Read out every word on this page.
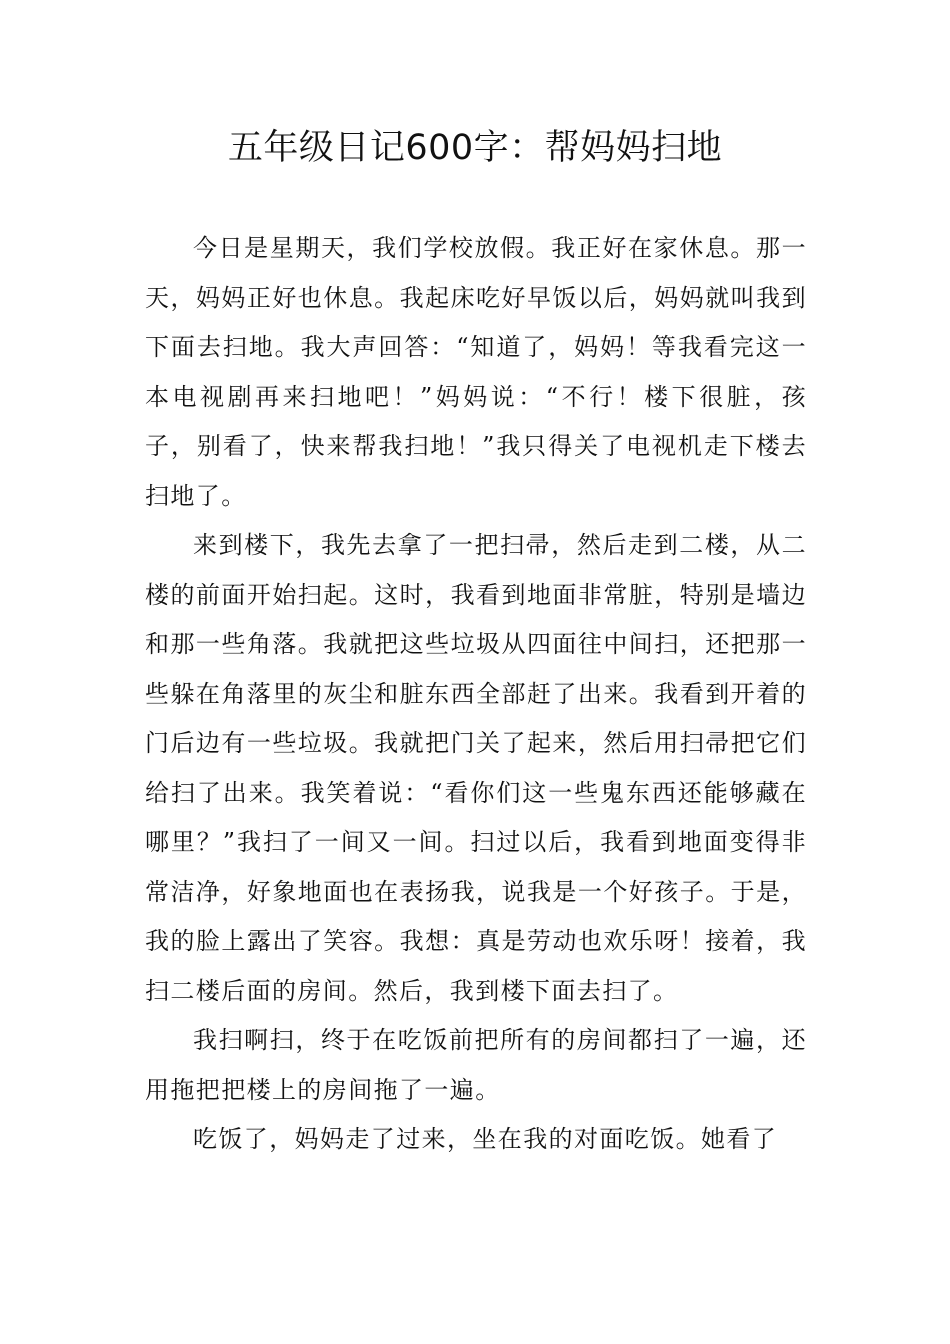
五年级日记600字：帮妈妈扫地

今日是星期天，我们学校放假。我正好在家休息。那一天，妈妈正好也休息。我起床吃好早饭以后，妈妈就叫我到下面去扫地。我大声回答：“知道了，妈妈！等我看完这一本电视剧再来扫地吧！”妈妈说：“不行！楼下很脏，孩子，别看了，快来帮我扫地！”我只得关了电视机走下楼去扫地了。

来到楼下，我先去拿了一把扫帚，然后走到二楼，从二楼的前面开始扫起。这时，我看到地面非常脏，特别是墙边和那一些角落。我就把这些垃圾从四面往中间扫，还把那一些躲在角落里的灰尘和脏东西全部赶了出来。我看到开着的门后边有一些垃圾。我就把门关了起来，然后用扫帚把它们给扫了出来。我笑着说：“看你们这一些鬼东西还能够藏在哪里？”我扫了一间又一间。扫过以后，我看到地面变得非常洁净，好象地面也在表扬我，说我是一个好孩子。于是，我的脸上露出了笑容。我想：真是劳动也欢乐呀！接着，我扫二楼后面的房间。然后，我到楼下面去扫了。

我扫啊扫，终于在吃饭前把所有的房间都扫了一遍，还用拖把把楼上的房间拖了一遍。

吃饭了，妈妈走了过来，坐在我的对面吃饭。她看了
